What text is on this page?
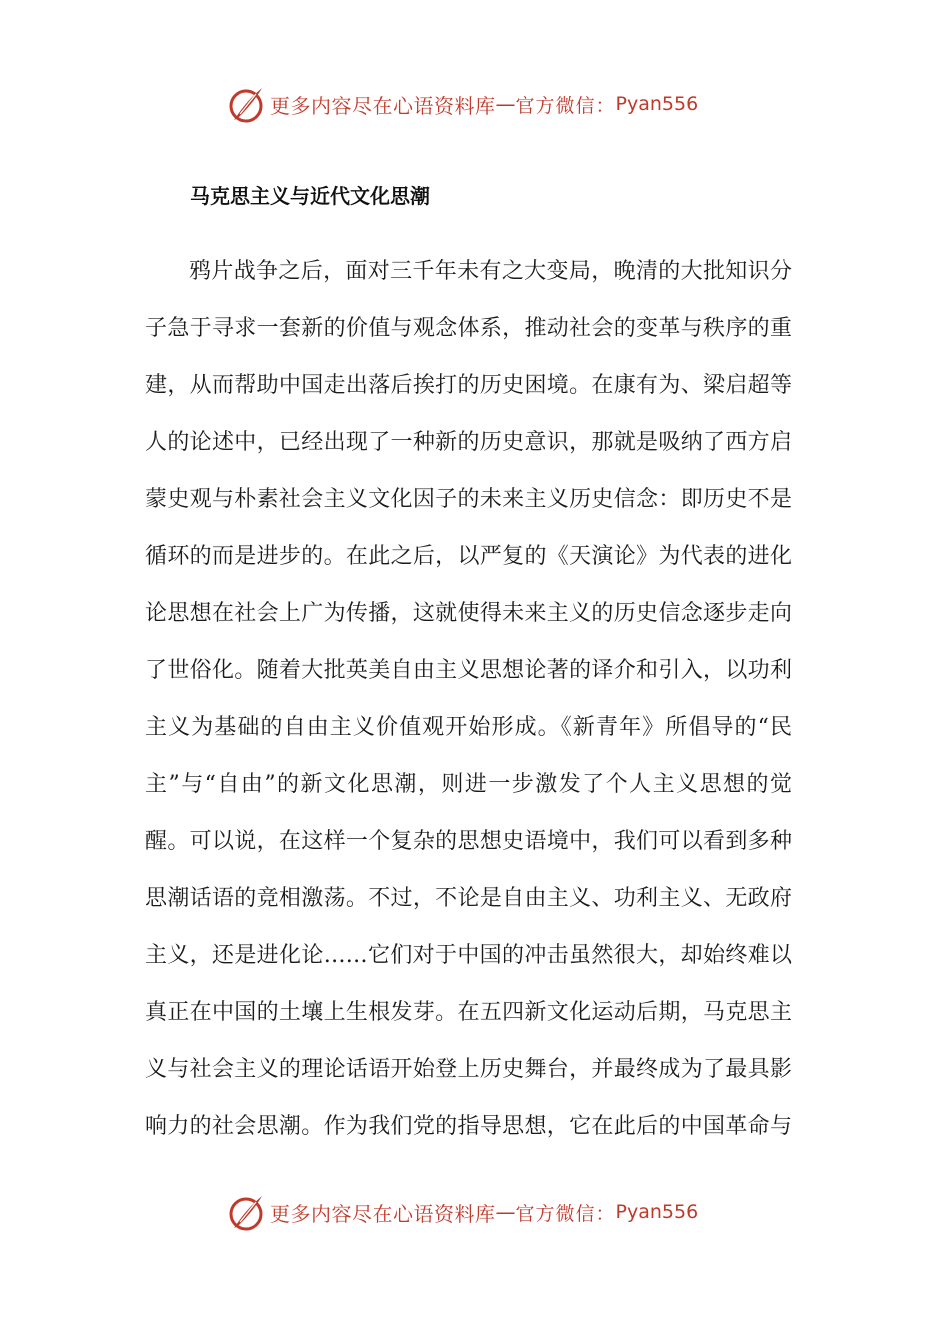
更多内容尽在心语资料库 — 官方微信： Pyan556
马克思主义与近代文化思潮
鸦片战争之后，面对三千年未有之大变局，晚清的大批知识分
子急于寻求一套新的价值与观念体系，推动社会的变革与秩序的重
建，从而帮助中国走出落后挨打的历史困境。在康有为、梁启超等
人的论述中，已经出现了一种新的历史意识，那就是吸纳了西方启
蒙史观与朴素社会主义文化因子的未来主义历史信念：即历史不是
循环的而是进步的。在此之后，以严复的《天演论》为代表的进化
论思想在社会上广为传播，这就使得未来主义的历史信念逐步走向
了世俗化。随着大批英美自由主义思想论著的译介和引入，以功利
主义为基础的自由主义价值观开始形成。《新青年》所倡导的“民
主”与“自由”的新文化思潮，则进一步激发了个人主义思想的觉
醒。可以说，在这样一个复杂的思想史语境中，我们可以看到多种
思潮话语的竞相激荡。不过，不论是自由主义、功利主义、无政府
主义，还是进化论……它们对于中国的冲击虽然很大，却始终难以
真正在中国的土壤上生根发芽。在五四新文化运动后期，马克思主
义与社会主义的理论话语开始登上历史舞台，并最终成为了最具影
响力的社会思潮。作为我们党的指导思想，它在此后的中国革命与
更多内容尽在心语资料库 — 官方微信： Pyan556
